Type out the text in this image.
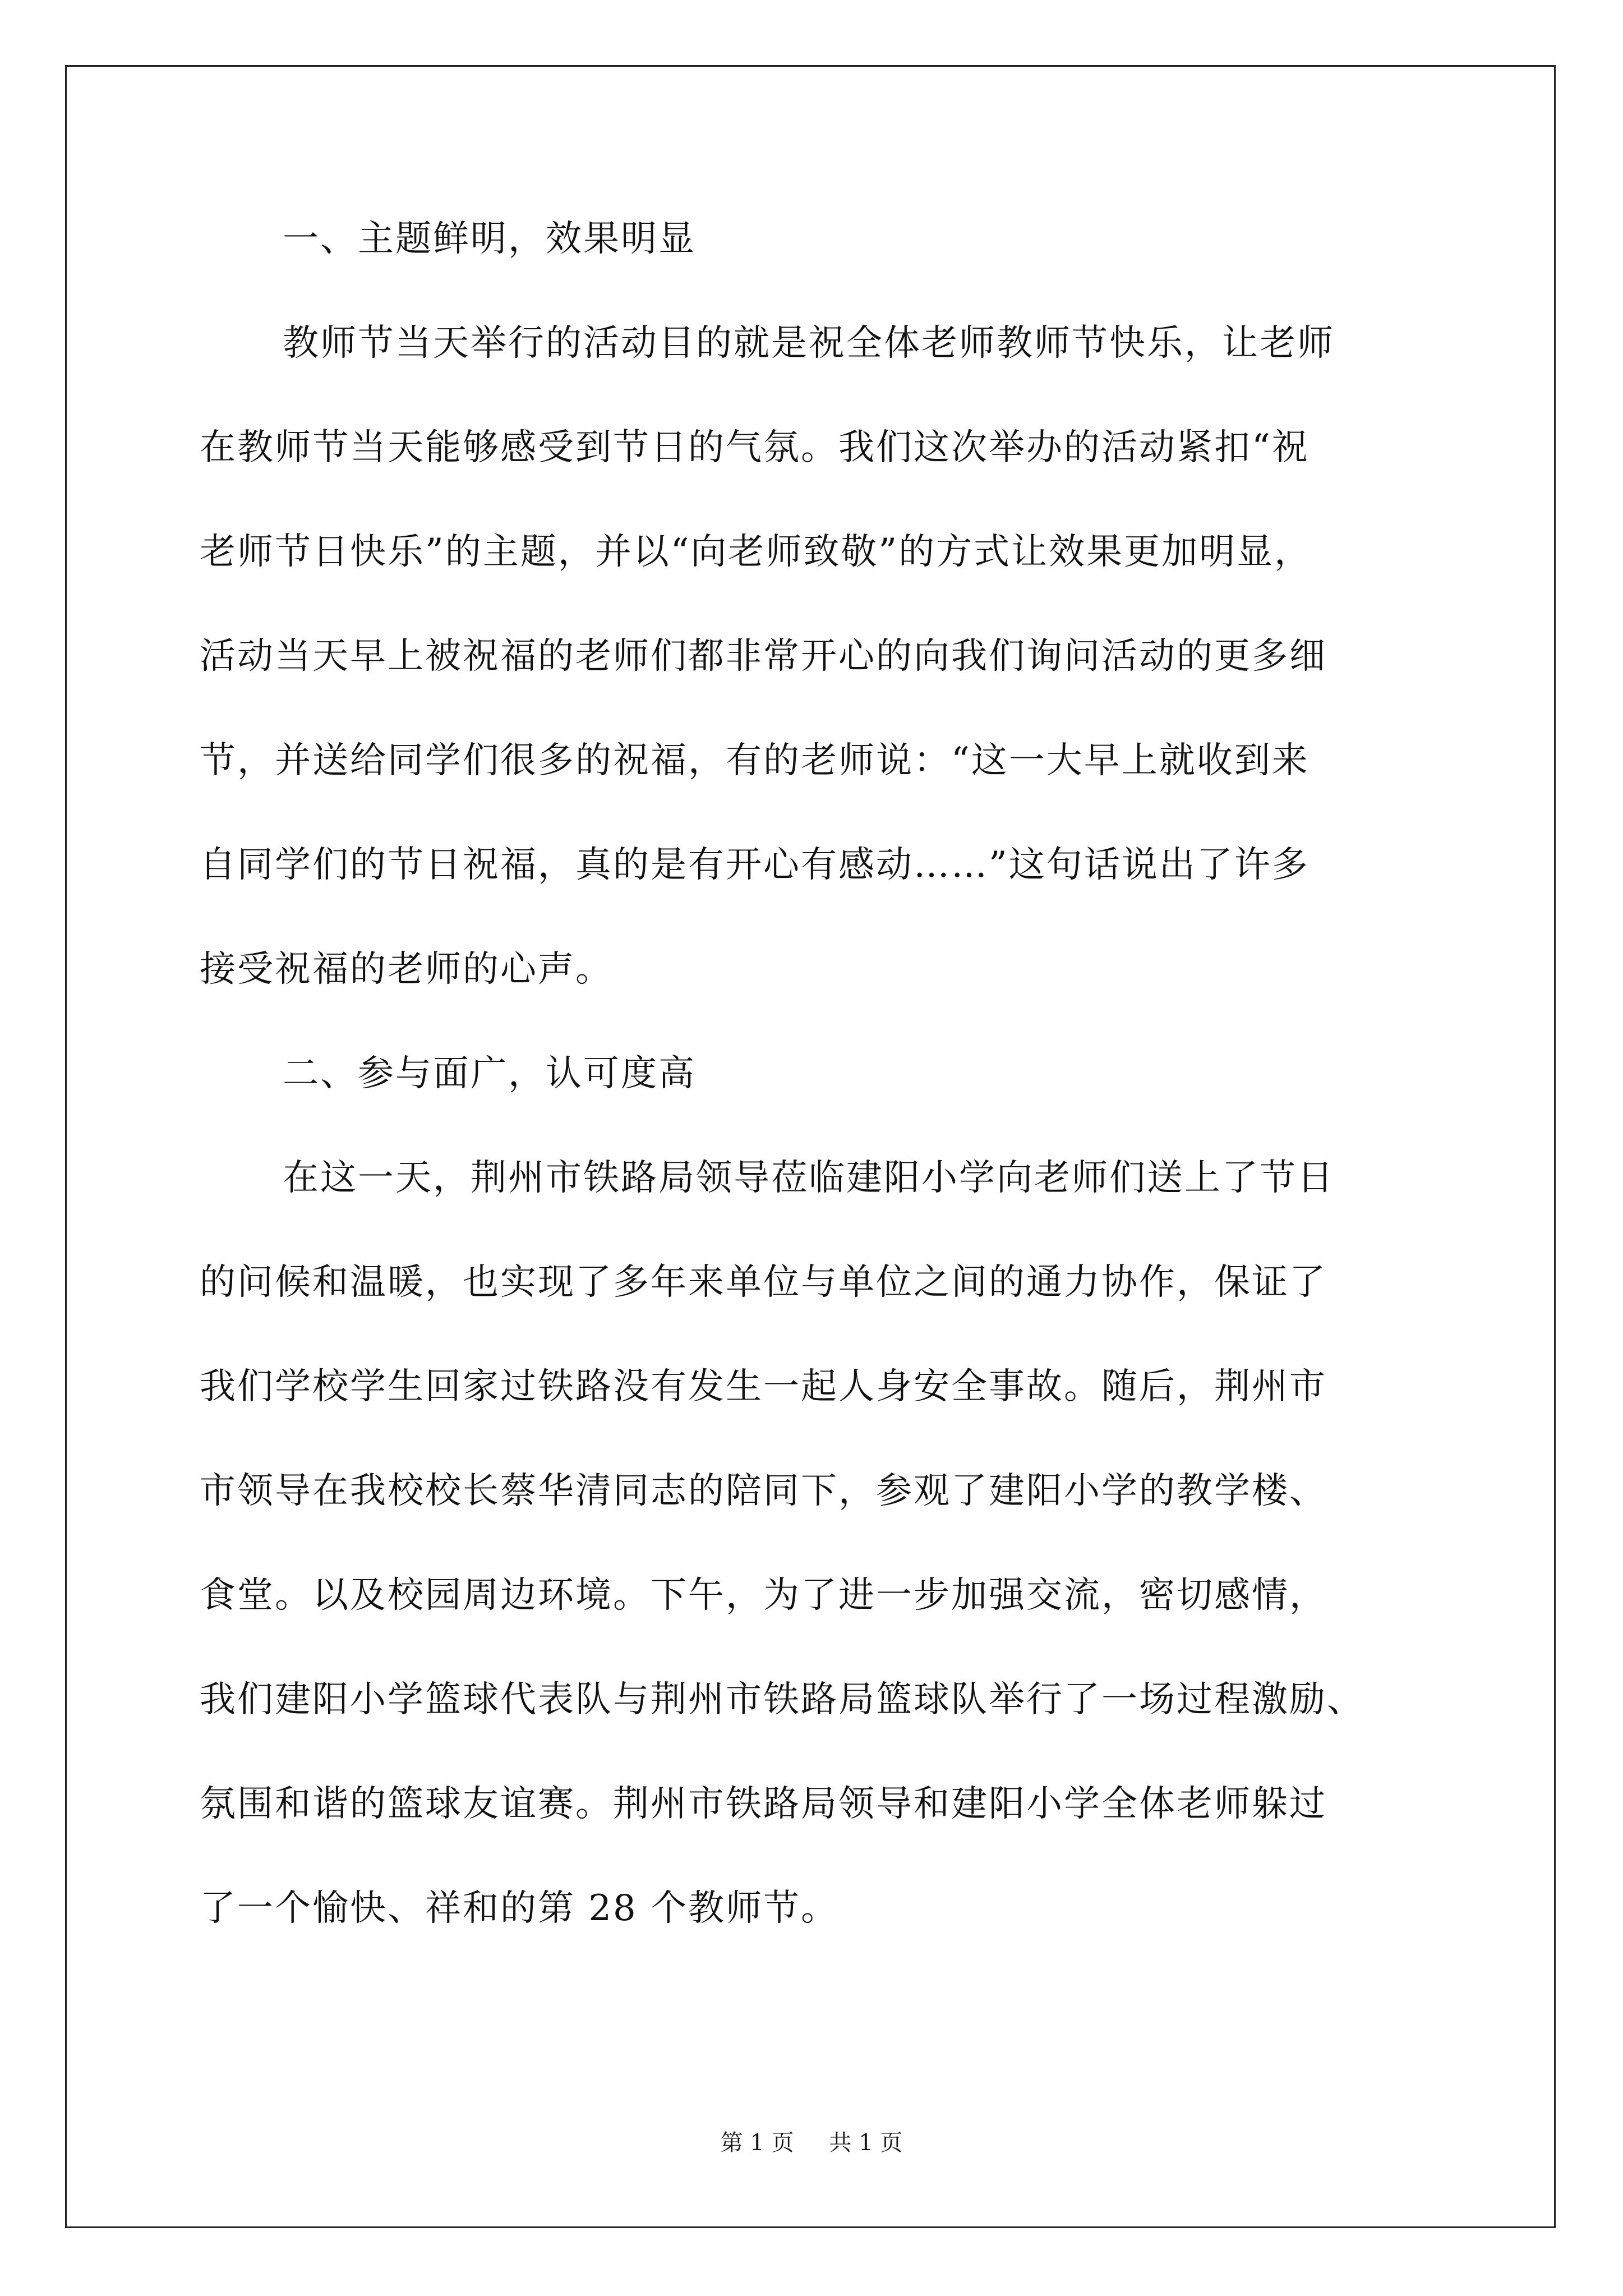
一、主题鲜明，效果明显
教师节当天举行的活动目的就是祝全体老师教师节快乐，让老师
在教师节当天能够感受到节日的气氛。我们这次举办的活动紧扣“祝
老师节日快乐”的主题，并以“向老师致敬”的方式让效果更加明显，
活动当天早上被祝福的老师们都非常开心的向我们询问活动的更多细
节，并送给同学们很多的祝福，有的老师说：“这一大早上就收到来
自同学们的节日祝福，真的是有开心有感动……”这句话说出了许多
接受祝福的老师的心声。
二、参与面广，认可度高
在这一天，荆州市铁路局领导莅临建阳小学向老师们送上了节日
的问候和温暖，也实现了多年来单位与单位之间的通力协作，保证了
我们学校学生回家过铁路没有发生一起人身安全事故。随后，荆州市
市领导在我校校长蔡华清同志的陪同下，参观了建阳小学的教学楼、
食堂。以及校园周边环境。下午，为了进一步加强交流，密切感情，
我们建阳小学篮球代表队与荆州市铁路局篮球队举行了一场过程激励、
氛围和谐的篮球友谊赛。荆州市铁路局领导和建阳小学全体老师躲过
了一个愉快、祥和的第 28 个教师节。
第 1 页 共 1 页
